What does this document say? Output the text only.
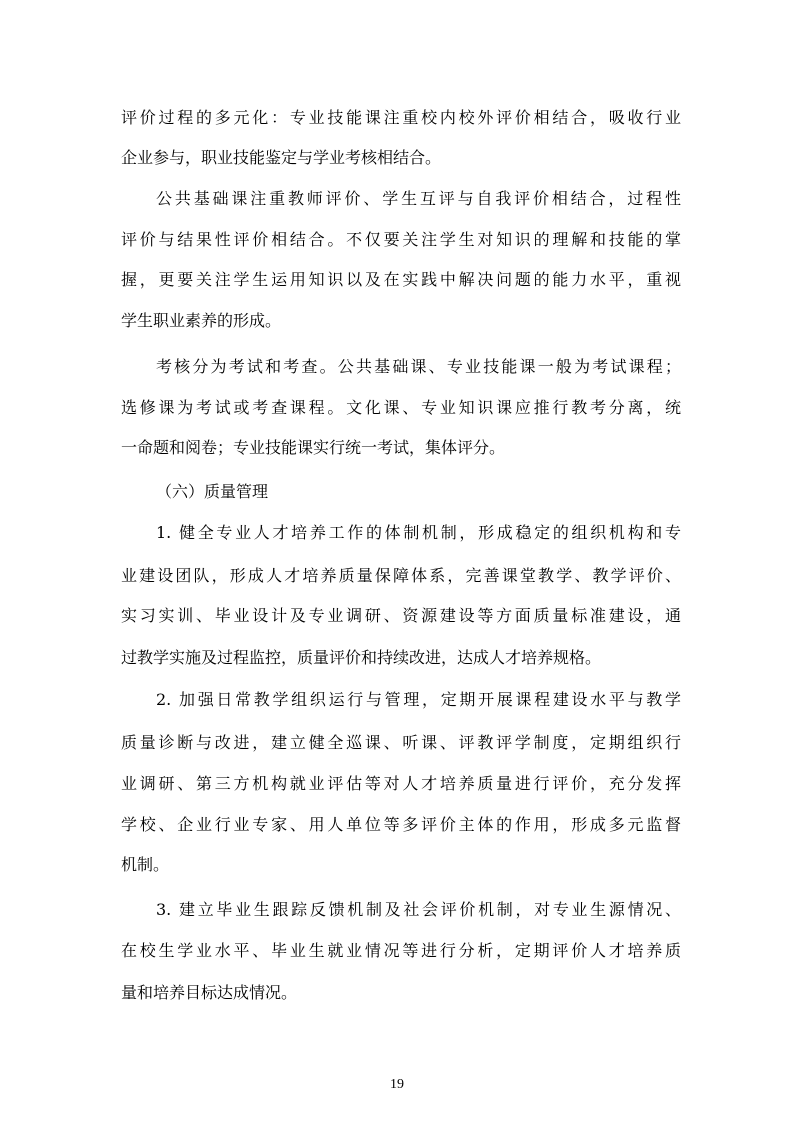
评价过程的多元化：专业技能课注重校内校外评价相结合，吸收行业
企业参与，职业技能鉴定与学业考核相结合。
公共基础课注重教师评价、学生互评与自我评价相结合，过程性
评价与结果性评价相结合。不仅要关注学生对知识的理解和技能的掌
握，更要关注学生运用知识以及在实践中解决问题的能力水平，重视
学生职业素养的形成。
考核分为考试和考查。公共基础课、专业技能课一般为考试课程；
选修课为考试或考查课程。文化课、专业知识课应推行教考分离，统
一命题和阅卷；专业技能课实行统一考试，集体评分。
（六）质量管理
1. 健全专业人才培养工作的体制机制，形成稳定的组织机构和专
业建设团队，形成人才培养质量保障体系，完善课堂教学、教学评价、
实习实训、毕业设计及专业调研、资源建设等方面质量标准建设，通
过教学实施及过程监控，质量评价和持续改进，达成人才培养规格。
2. 加强日常教学组织运行与管理，定期开展课程建设水平与教学
质量诊断与改进，建立健全巡课、听课、评教评学制度，定期组织行
业调研、第三方机构就业评估等对人才培养质量进行评价，充分发挥
学校、企业行业专家、用人单位等多评价主体的作用，形成多元监督
机制。
3. 建立毕业生跟踪反馈机制及社会评价机制，对专业生源情况、
在校生学业水平、毕业生就业情况等进行分析，定期评价人才培养质
量和培养目标达成情况。
19
